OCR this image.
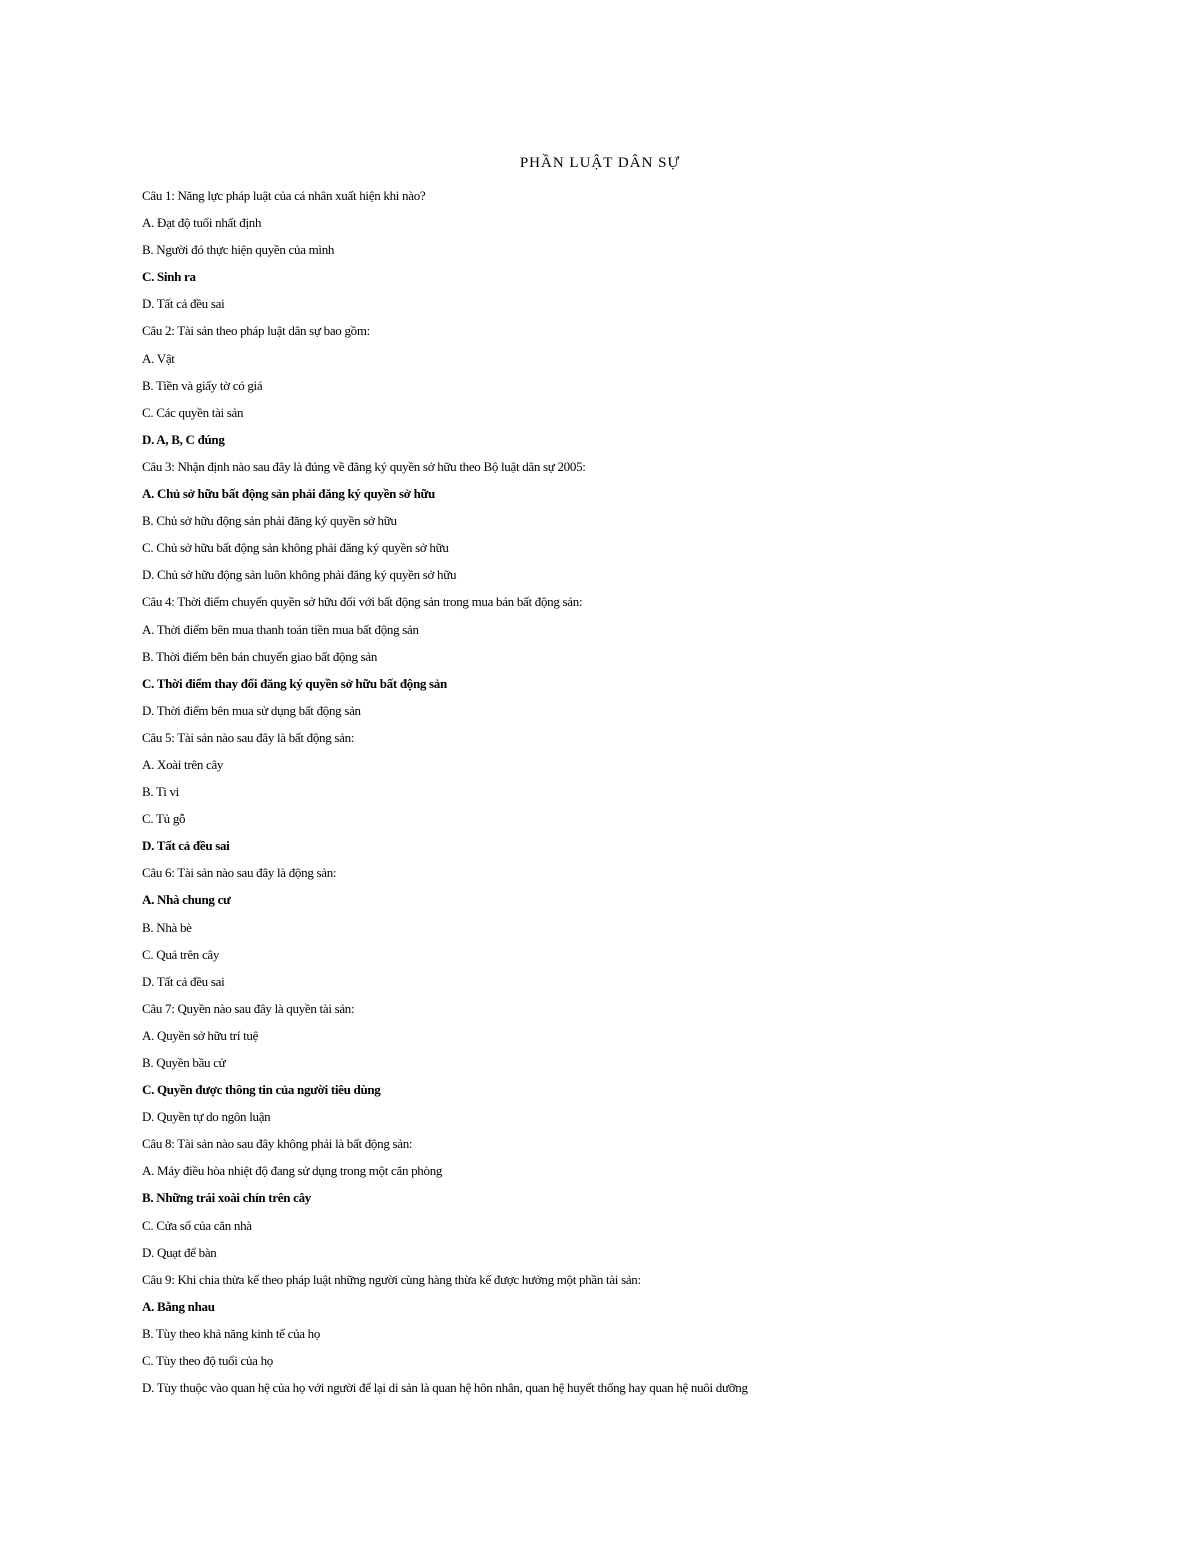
PHẦN LUẬT DÂN SỰ
Câu 1: Năng lực pháp luật của cá nhân xuất hiện khi nào?
A. Đạt độ tuổi nhất định
B. Người đó thực hiện quyền của mình
C. Sinh ra
D. Tất cả đều sai
Câu 2: Tài sản theo pháp luật dân sự bao gồm:
A. Vật
B. Tiền và giấy tờ có giá
C. Các quyền tài sản
D. A, B, C đúng
Câu 3: Nhận định nào sau đây là đúng về đăng ký quyền sở hữu theo Bộ luật dân sự 2005:
A. Chủ sở hữu bất động sản phải đăng ký quyền sở hữu
B. Chủ sở hữu động sản phải đăng ký quyền sở hữu
C. Chủ sở hữu bất động sản không phải đăng ký quyền sở hữu
D. Chủ sở hữu động sản luôn không phải đăng ký quyền sở hữu
Câu 4: Thời điểm chuyển quyền sở hữu đối với bất động sản trong mua bán bất động sản:
A. Thời điểm bên mua thanh toán tiền mua bất động sản
B. Thời điểm bên bán chuyển giao bất động sản
C. Thời điểm thay đổi đăng ký quyền sở hữu bất động sản
D. Thời điểm bên mua sử dụng bất động sản
Câu 5: Tài sản nào sau đây là bất động sản:
A. Xoài trên cây
B. Ti vi
C. Tủ gỗ
D. Tất cả đều sai
Câu 6: Tài sản nào sau đây là động sản:
A. Nhà chung cư
B. Nhà bè
C. Quả trên cây
D. Tất cả đều sai
Câu 7: Quyền nào sau đây là quyền tài sản:
A. Quyền sở hữu trí tuệ
B. Quyền bầu cử
C. Quyền được thông tin của người tiêu dùng
D. Quyền tự do ngôn luận
Câu 8: Tài sản nào sau đây không phải là bất động sản:
A. Máy điều hòa nhiệt độ đang sử dụng trong một căn phòng
B. Những trái xoài chín trên cây
C. Cửa sổ của căn nhà
D. Quạt để bàn
Câu 9: Khi chia thừa kế theo pháp luật những người cùng hàng thừa kế được hưởng một phần tài sản:
A. Bằng nhau
B. Tùy theo khả năng kinh tế của họ
C. Tùy theo độ tuổi của họ
D. Tùy thuộc vào quan hệ của họ với người để lại di sản là quan hệ hôn nhân, quan hệ huyết thống hay quan hệ nuôi dưỡng
